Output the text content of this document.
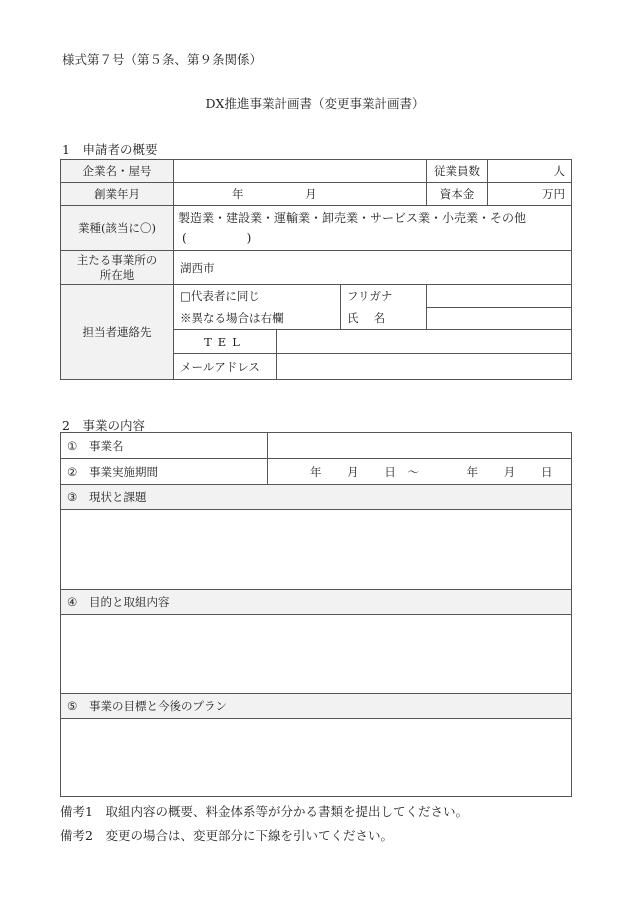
様式第７号（第５条、第９条関係）
DX推進事業計画書（変更事業計画書）
1　申請者の概要
企業名・屋号				従業員数	人
創業年月	年 月			資本金	万円
業種(該当に〇)	製造業・建設業・運輸業・卸売業・サービス業・小売業・その他
(　　　　　)				

主たる事業所の
所在地	湖西市				
担当者連絡先	□代表者に同じ
※異なる場合は右欄		フリガナ		
			氏　 名		
	TEL				
	メールアドレス				
2　事業の内容
① 事業名	
② 事業実施期間	年 月 日 ～ 年 月 日
③ 現状と課題	

④ 目的と取組内容	

⑤ 事業の目標と今後のプラン	

備考1　取組内容の概要、料金体系等が分かる書類を提出してください。
備考2　変更の場合は、変更部分に下線を引いてください。
